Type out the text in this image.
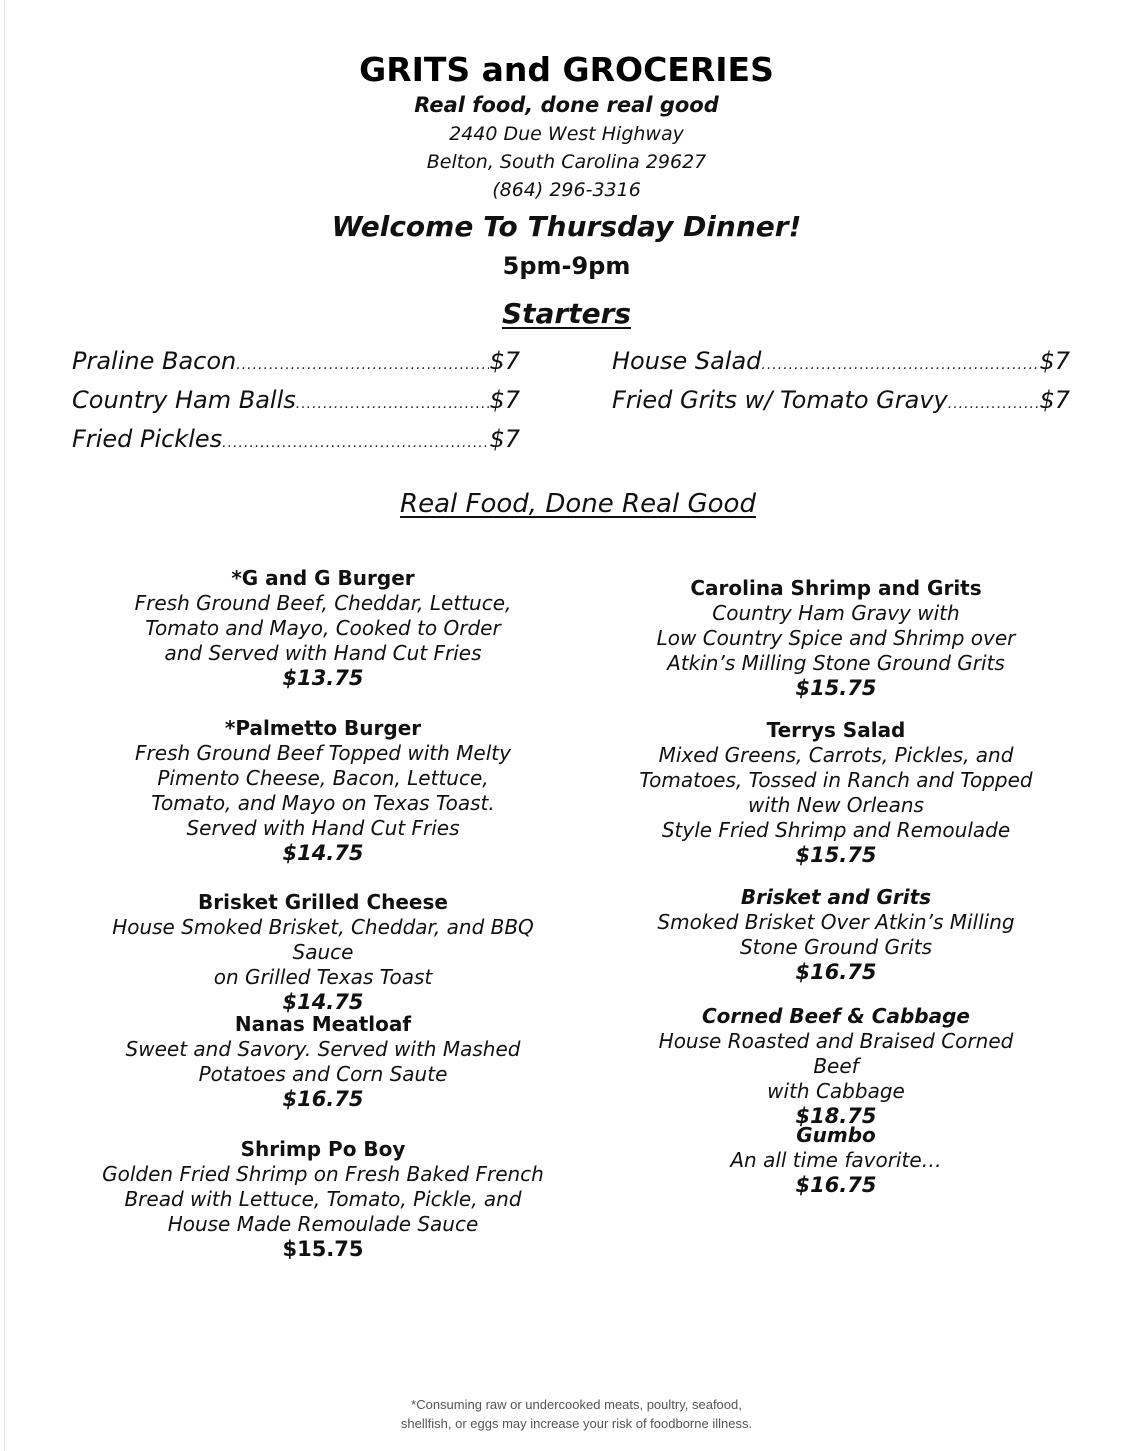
GRITS and GROCERIES
Real food, done real good
2440 Due West Highway
Belton, South Carolina 29627
(864) 296-3316
Welcome To Thursday Dinner!
5pm-9pm
Starters
Praline Bacon .....	$7
Country Ham Balls .....	$7
Fried Pickles .....	$7
House Salad .....	$7
Fried Grits w/ Tomato Gravy .....	$7
Real Food, Done Real Good
*G and G Burger
Fresh Ground Beef, Cheddar, Lettuce,
Tomato and Mayo, Cooked to Order
and Served with Hand Cut Fries
$13.75
*Palmetto Burger
Fresh Ground Beef Topped with Melty
Pimento Cheese, Bacon, Lettuce,
Tomato, and Mayo on Texas Toast.
Served with Hand Cut Fries
$14.75
Brisket Grilled Cheese
House Smoked Brisket, Cheddar, and BBQ Sauce
on Grilled Texas Toast
$14.75
Nanas Meatloaf
Sweet and Savory. Served with Mashed
Potatoes and Corn Saute
$16.75
Shrimp Po Boy
Golden Fried Shrimp on Fresh Baked French
Bread with Lettuce, Tomato, Pickle, and
House Made Remoulade Sauce
$15.75
Carolina Shrimp and Grits
Country Ham Gravy with
Low Country Spice and Shrimp over
Atkin’s Milling Stone Ground Grits
$15.75
Terrys Salad
Mixed Greens, Carrots, Pickles, and
Tomatoes, Tossed in Ranch and Topped
with New Orleans
Style Fried Shrimp and Remoulade
$15.75
Brisket and Grits
Smoked Brisket Over Atkin’s Milling
Stone Ground Grits
$16.75
Corned Beef & Cabbage
House Roasted and Braised Corned Beef
with Cabbage
$18.75
Gumbo
An all time favorite…
$16.75
*Consuming raw or undercooked meats, poultry, seafood,
shellfish, or eggs may increase your risk of foodborne illness.
